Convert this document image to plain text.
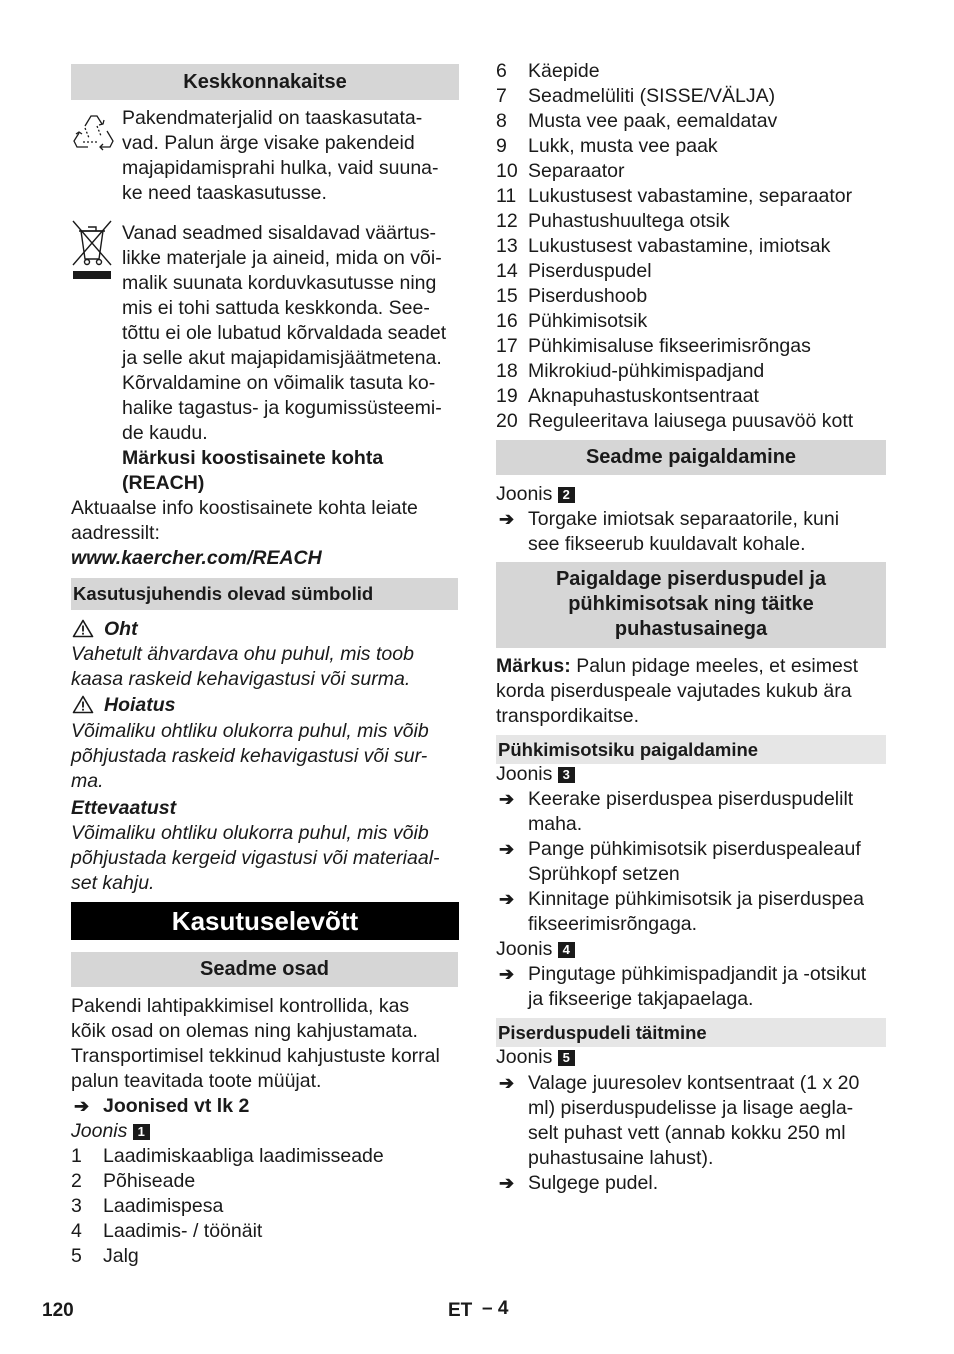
Keskkonnakaitse
Pakendmaterjalid on taaskasutata-
vad. Palun ärge visake pakendeid
majapidamisprahi hulka, vaid suuna-
ke need taaskasutusse.
Vanad seadmed sisaldavad väärtus-
likke materjale ja aineid, mida on või-
malik suunata korduvkasutusse ning
mis ei tohi sattuda keskkonda. See-
tõttu ei ole lubatud kõrvaldada seadet
ja selle akut majapidamisjäätmetena.
Kõrvaldamine on võimalik tasuta ko-
halike tagastus- ja kogumissüsteemi-
de kaudu.
Märkusi koostisainete kohta
(REACH)
Aktuaalse info koostisainete kohta leiate
aadressilt:
www.kaercher.com/REACH
Kasutusjuhendis olevad sümbolid
Oht
Vahetult ähvardava ohu puhul, mis toob
kaasa raskeid kehavigastusi või surma.
Hoiatus
Võimaliku ohtliku olukorra puhul, mis võib
põhjustada raskeid kehavigastusi või sur-
ma.
Ettevaatust
Võimaliku ohtliku olukorra puhul, mis võib
põhjustada kergeid vigastusi või materiaal-
set kahju.
Kasutuselevõtt
Seadme osad
Pakendi lahtipakkimisel kontrollida, kas
kõik osad on olemas ning kahjustamata.
Transportimisel tekkinud kahjustuste korral
palun teavitada toote müüjat.
➔ Joonised vt lk 2
Joonis 1
1 Laadimiskaabliga laadimisseade
2 Põhiseade
3 Laadimispesa
4 Laadimis- / töönäit
5 Jalg
6 Käepide
7 Seadmelüliti (SISSE/VÄLJA)
8 Musta vee paak, eemaldatav
9 Lukk, musta vee paak
10 Separaator
11 Lukustusest vabastamine, separaator
12 Puhastushuultega otsik
13 Lukustusest vabastamine, imiotsak
14 Piserduspudel
15 Piserdushoob
16 Pühkimisotsik
17 Pühkimisaluse fikseerimisrõngas
18 Mikrokiud-pühkimispadjand
19 Aknapuhastuskontsentraat
20 Reguleeritava laiusega puusavöö kott
Seadme paigaldamine
Joonis 2
➔ Torgake imiotsak separaatorile, kuni
see fikseerub kuuldavalt kohale.
Paigaldage piserduspudel ja
pühkimisotsak ning täitke
puhastusainega
Märkus: Palun pidage meeles, et esimest
korda piserduspeale vajutades kukub ära
transpordikaitse.
Pühkimisotsiku paigaldamine
Joonis 3
➔ Keerake piserduspea piserduspudelilt
maha.
➔ Pange pühkimisotsik piserduspealeauf
Sprühkopf setzen
➔ Kinnitage pühkimisotsik ja piserduspea
fikseerimisrõngaga.
Joonis 4
➔ Pingutage pühkimispadjandit ja -otsikut
ja fikseerige takjapaelaga.
Piserduspudeli täitmine
Joonis 5
➔ Valage juuresolev kontsentraat (1 x 20
ml) piserduspudelisse ja lisage aegla-
selt puhast vett (annab kokku 250 ml
puhastusaine lahust).
➔ Sulgege pudel.
120	ET – 4
